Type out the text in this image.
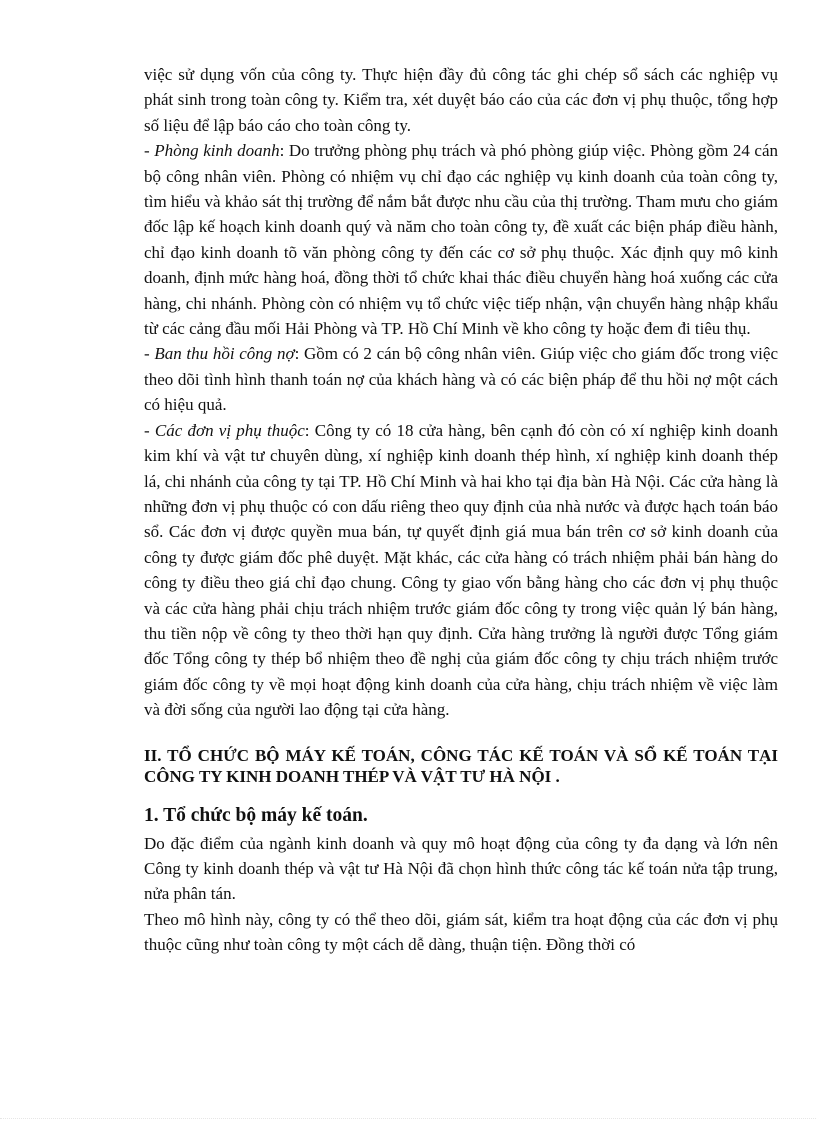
việc sử dụng vốn của công ty. Thực hiện đầy đủ công tác ghi chép sổ sách các nghiệp vụ phát sinh trong toàn công ty. Kiểm tra, xét duyệt báo cáo của các đơn vị phụ thuộc, tổng hợp số liệu để lập báo cáo cho toàn công ty.

- Phòng kinh doanh: Do trưởng phòng phụ trách và phó phòng giúp việc. Phòng gồm 24 cán bộ công nhân viên. Phòng có nhiệm vụ chỉ đạo các nghiệp vụ kinh doanh của toàn công ty, tìm hiểu và khảo sát thị trường để nắm bắt được nhu cầu của thị trường. Tham mưu cho giám đốc lập kế hoạch kinh doanh quý và năm cho toàn công ty, đề xuất các biện pháp điều hành, chỉ đạo kinh doanh tõ văn phòng công ty đến các cơ sở phụ thuộc. Xác định quy mô kinh doanh, định mức hàng hoá, đồng thời tổ chức khai thác điều chuyển hàng hoá xuống các cửa hàng, chi nhánh. Phòng còn có nhiệm vụ tổ chức việc tiếp nhận, vận chuyển hàng nhập khẩu từ các cảng đầu mối Hải Phòng và TP. Hồ Chí Minh về kho công ty hoặc đem đi tiêu thụ.

- Ban thu hồi công nợ: Gồm có 2 cán bộ công nhân viên. Giúp việc cho giám đốc trong việc theo dõi tình hình thanh toán nợ của khách hàng và có các biện pháp để thu hồi nợ một cách có hiệu quả.

- Các đơn vị phụ thuộc: Công ty có 18 cửa hàng, bên cạnh đó còn có xí nghiệp kinh doanh kim khí và vật tư chuyên dùng, xí nghiệp kinh doanh thép hình, xí nghiệp kinh doanh thép lá, chi nhánh của công ty tại TP. Hồ Chí Minh và hai kho tại địa bàn Hà Nội. Các cửa hàng là những đơn vị phụ thuộc có con dấu riêng theo quy định của nhà nước và được hạch toán báo sổ. Các đơn vị được quyền mua bán, tự quyết định giá mua bán trên cơ sở kinh doanh của công ty được giám đốc phê duyệt. Mặt khác, các cửa hàng có trách nhiệm phải bán hàng do công ty điều theo giá chỉ đạo chung. Công ty giao vốn bằng hàng cho các đơn vị phụ thuộc và các cửa hàng phải chịu trách nhiệm trước giám đốc công ty trong việc quản lý bán hàng, thu tiền nộp về công ty theo thời hạn quy định. Cửa hàng trưởng là người được Tổng giám đốc Tổng công ty thép bổ nhiệm theo đề nghị của giám đốc công ty chịu trách nhiệm trước giám đốc công ty về mọi hoạt động kinh doanh của cửa hàng, chịu trách nhiệm về việc làm và đời sống của người lao động tại cửa hàng.

II. TỔ CHỨC BỘ MÁY KẾ TOÁN, CÔNG TÁC KẾ TOÁN VÀ SỔ KẾ TOÁN TẠI CÔNG TY KINH DOANH THÉP VÀ VẬT TƯ HÀ NỘI .
1. Tổ chức bộ máy kế toán.

Do đặc điểm của ngành kinh doanh và quy mô hoạt động của công ty đa dạng và lớn nên Công ty kinh doanh thép và vật tư Hà Nội đã chọn hình thức công tác kế toán nửa tập trung, nửa phân tán.

Theo mô hình này, công ty có thể theo dõi, giám sát, kiểm tra hoạt động của các đơn vị phụ thuộc cũng như toàn công ty một cách dễ dàng, thuận tiện. Đồng thời có
